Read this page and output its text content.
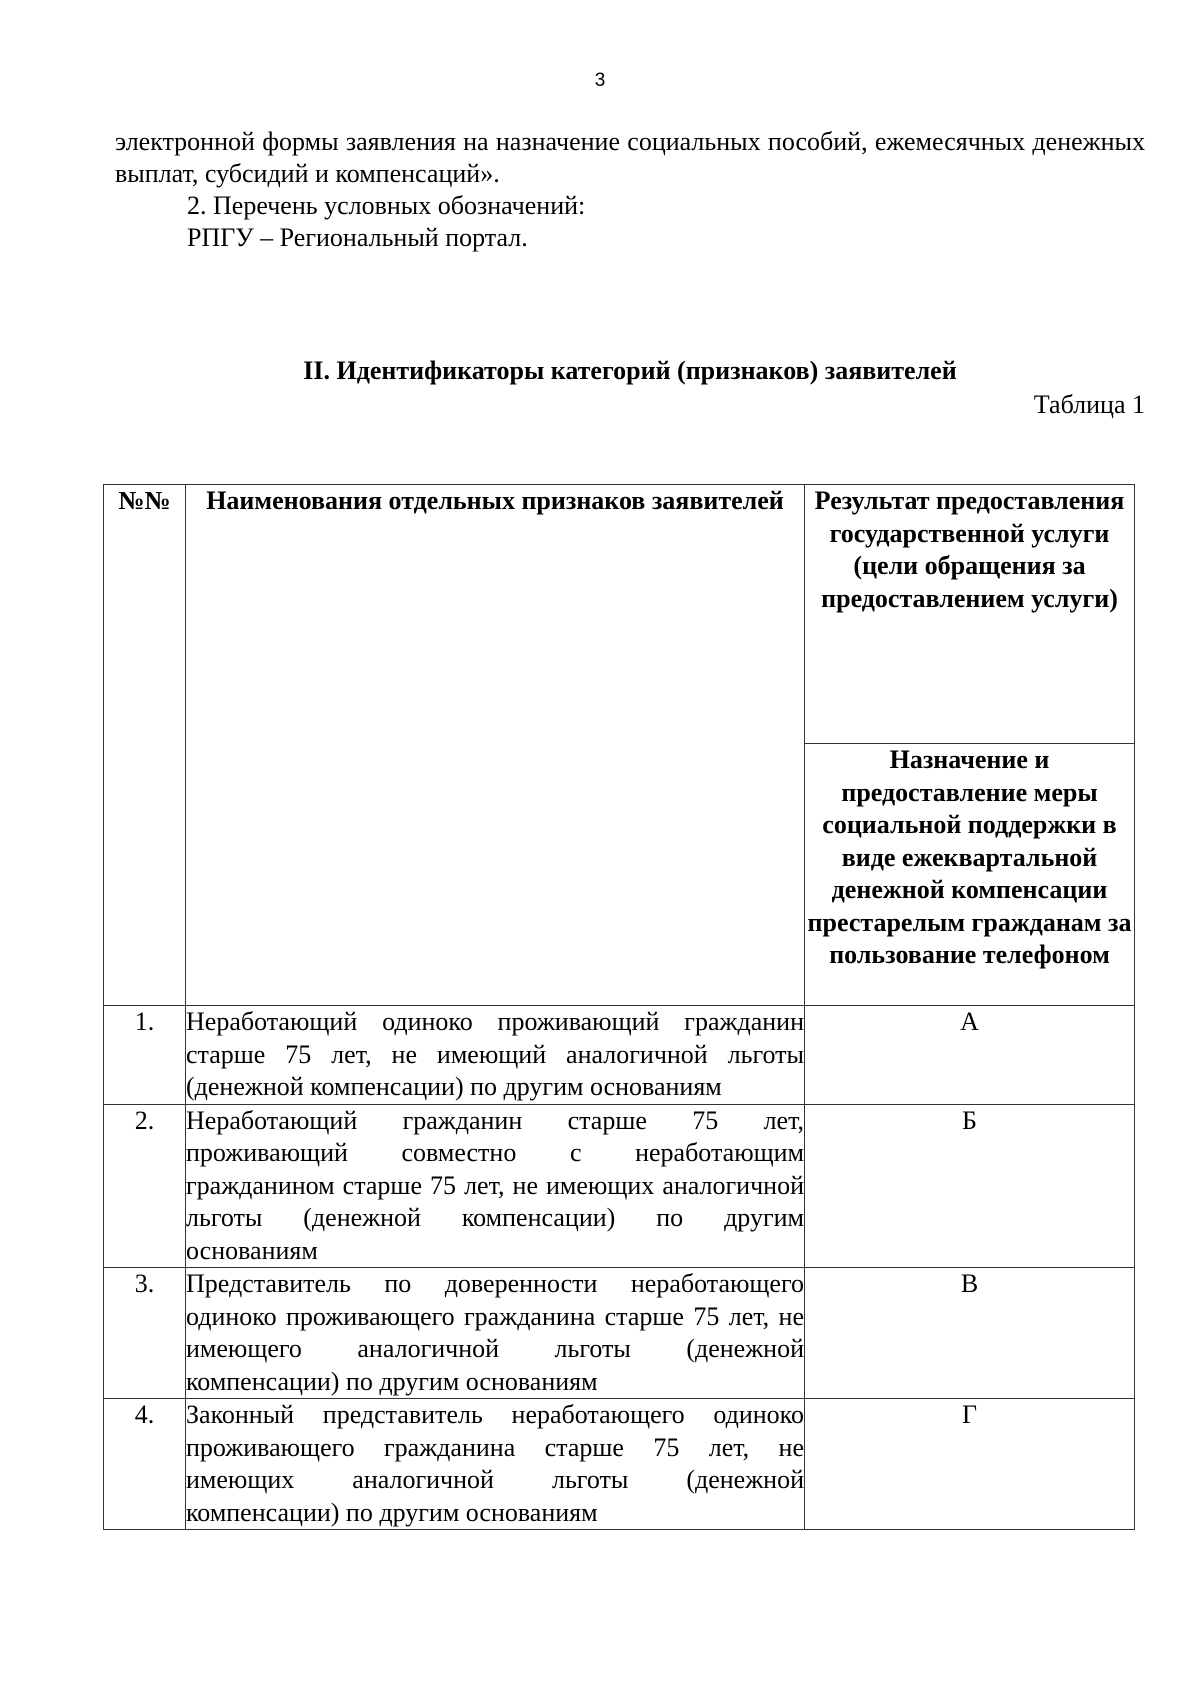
3

электронной формы заявления на назначение социальных пособий, ежемесячных денежных выплат, субсидий и компенсаций».

2. Перечень условных обозначений:

РПГУ – Региональный портал.

II. Идентификаторы категорий (признаков) заявителей
Таблица 1
№№	Наименования отдельных признаков заявителей	Результат предоставления государственной услуги (цели обращения за предоставлением услуги)
		Назначение и предоставление меры социальной поддержки в виде ежеквартальной денежной компенсации престарелым гражданам за пользование телефоном
1.	Неработающий одиноко проживающий гражданин старше 75 лет, не имеющий аналогичной льготы (денежной компенсации) по другим основаниям	А
2.	Неработающий гражданин старше 75 лет, проживающий совместно с неработающим гражданином старше 75 лет, не имеющих аналогичной льготы (денежной компенсации) по другим основаниям	Б
3.	Представитель по доверенности неработающего одиноко проживающего гражданина старше 75 лет, не имеющего аналогичной льготы (денежной компенсации) по другим основаниям	В
4.	Законный представитель неработающего одиноко проживающего гражданина старше 75 лет, не имеющих аналогичной льготы (денежной компенсации) по другим основаниям	Г
